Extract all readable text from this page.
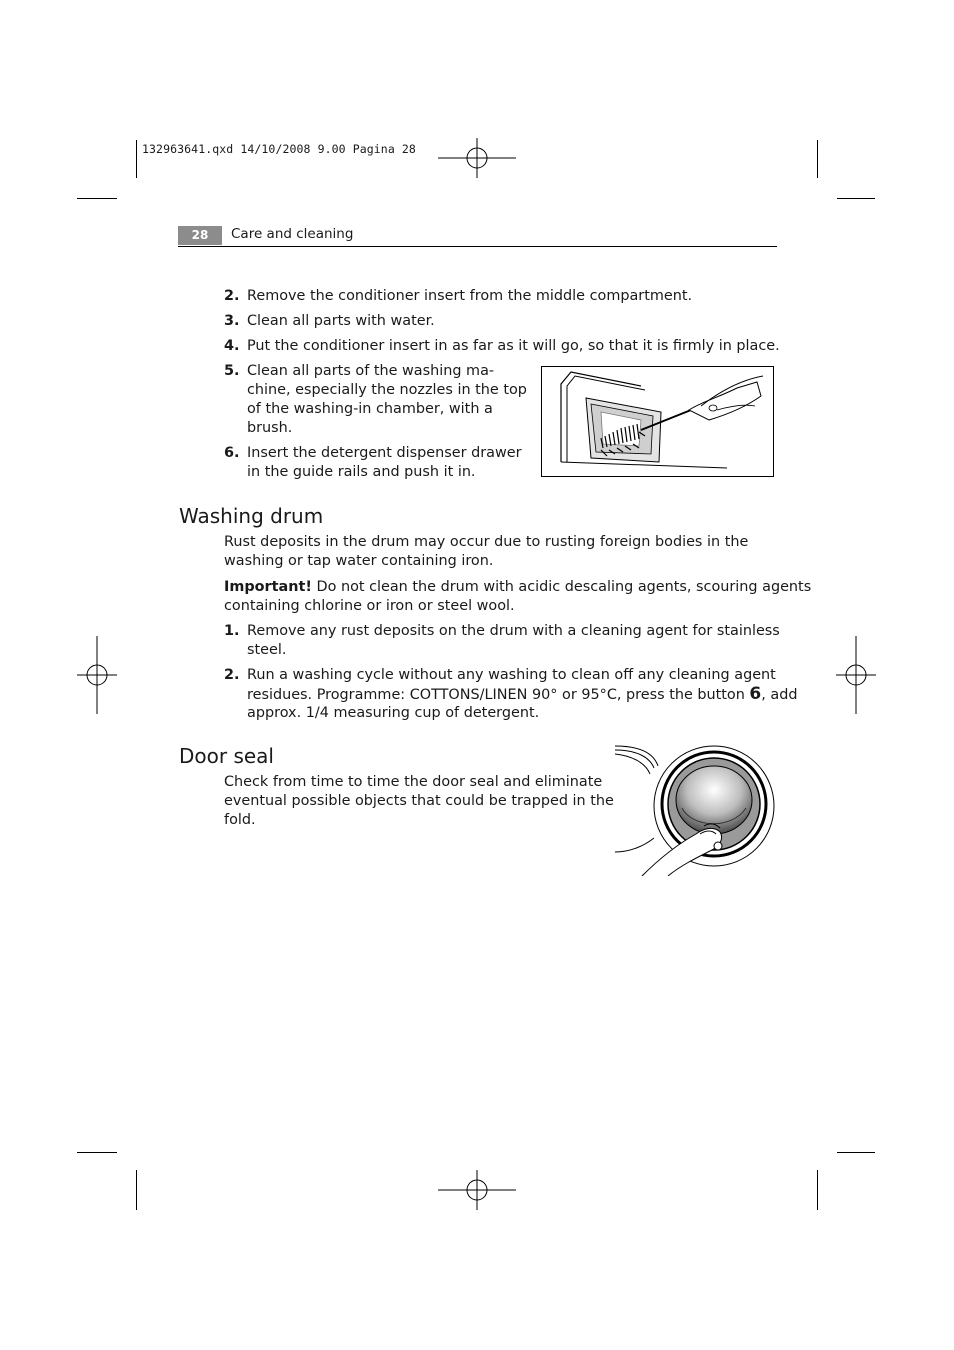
132963641.qxd 14/10/2008 9.00 Pagina 28
28	Care and cleaning
2. Remove the conditioner insert from the middle compartment.
3. Clean all parts with water.
4. Put the conditioner insert in as far as it will go, so that it is firmly in place.
5. Clean all parts of the washing ma-
chine, especially the nozzles in the top
of the washing-in chamber, with a
brush.
6. Insert the detergent dispenser drawer
in the guide rails and push it in.
Washing drum
Rust deposits in the drum may occur due to rusting foreign bodies in the
washing or tap water containing iron.
Important! Do not clean the drum with acidic descaling agents, scouring agents
containing chlorine or iron or steel wool.
1. Remove any rust deposits on the drum with a cleaning agent for stainless
steel.
2. Run a washing cycle without any washing to clean off any cleaning agent
residues. Programme: COTTONS/LINEN 90° or 95°C, press the button 6, add
approx. 1/4 measuring cup of detergent.
Door seal
Check from time to time the door seal and eliminate
eventual possible objects that could be trapped in the
fold.
